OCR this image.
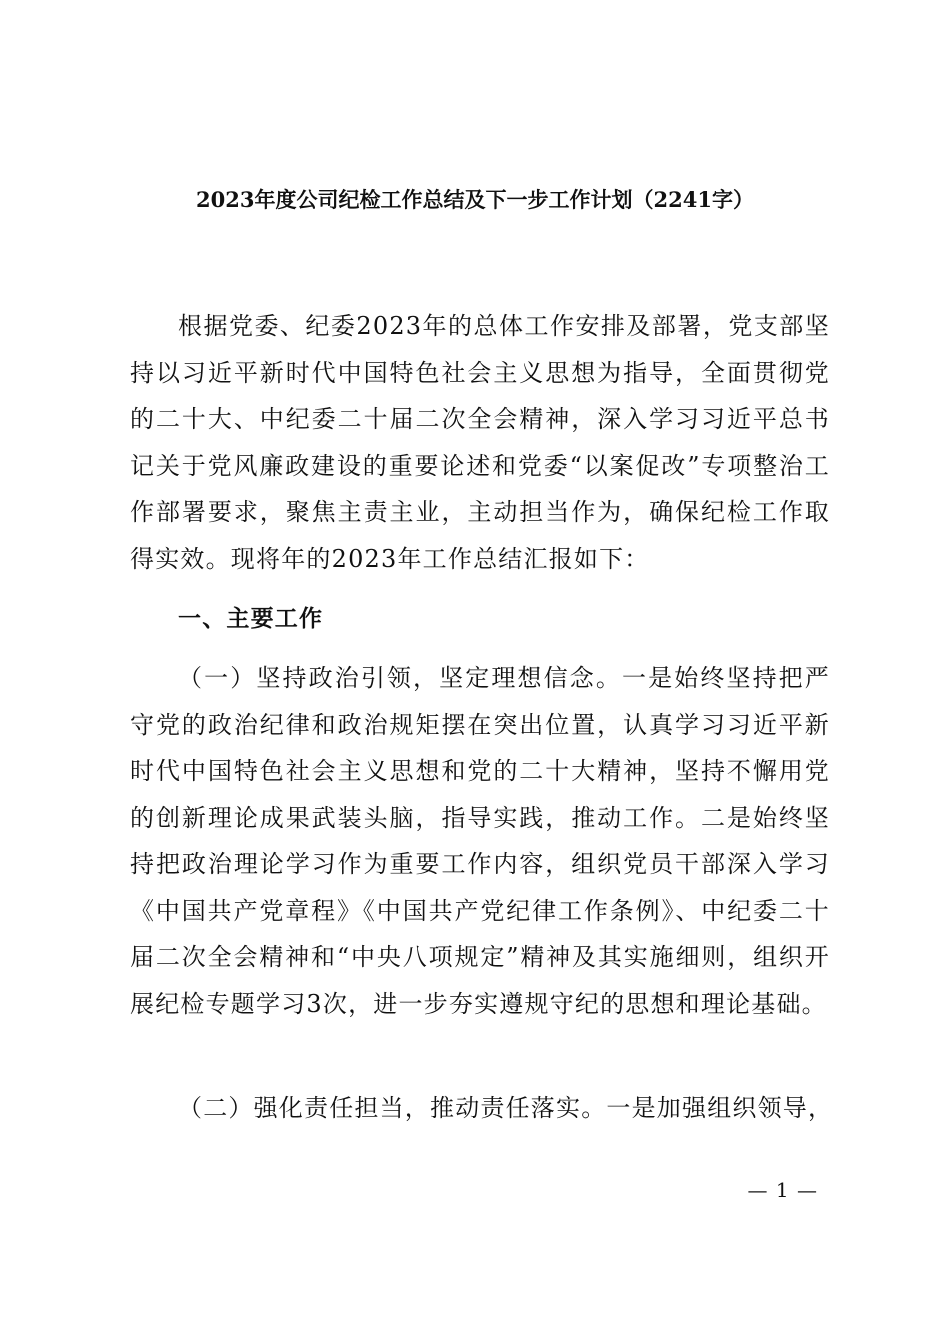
2023年度公司纪检工作总结及下一步工作计划（2241字）
根据党委、纪委2023年的总体工作安排及部署，党支部坚持以习近平新时代中国特色社会主义思想为指导，全面贯彻党的二十大、中纪委二十届二次全会精神，深入学习习近平总书记关于党风廉政建设的重要论述和党委“以案促改”专项整治工作部署要求，聚焦主责主业，主动担当作为，确保纪检工作取得实效。现将年的2023年工作总结汇报如下：
一、主要工作
（一）坚持政治引领，坚定理想信念。一是始终坚持把严守党的政治纪律和政治规矩摆在突出位置，认真学习习近平新时代中国特色社会主义思想和党的二十大精神，坚持不懈用党的创新理论成果武装头脑，指导实践，推动工作。二是始终坚持把政治理论学习作为重要工作内容，组织党员干部深入学习《中国共产党章程》《中国共产党纪律工作条例》、中纪委二十届二次全会精神和“中央八项规定”精神及其实施细则，组织开展纪检专题学习3次，进一步夯实遵规守纪的思想和理论基础。
（二）强化责任担当，推动责任落实。一是加强组织领导，
— 1 —
